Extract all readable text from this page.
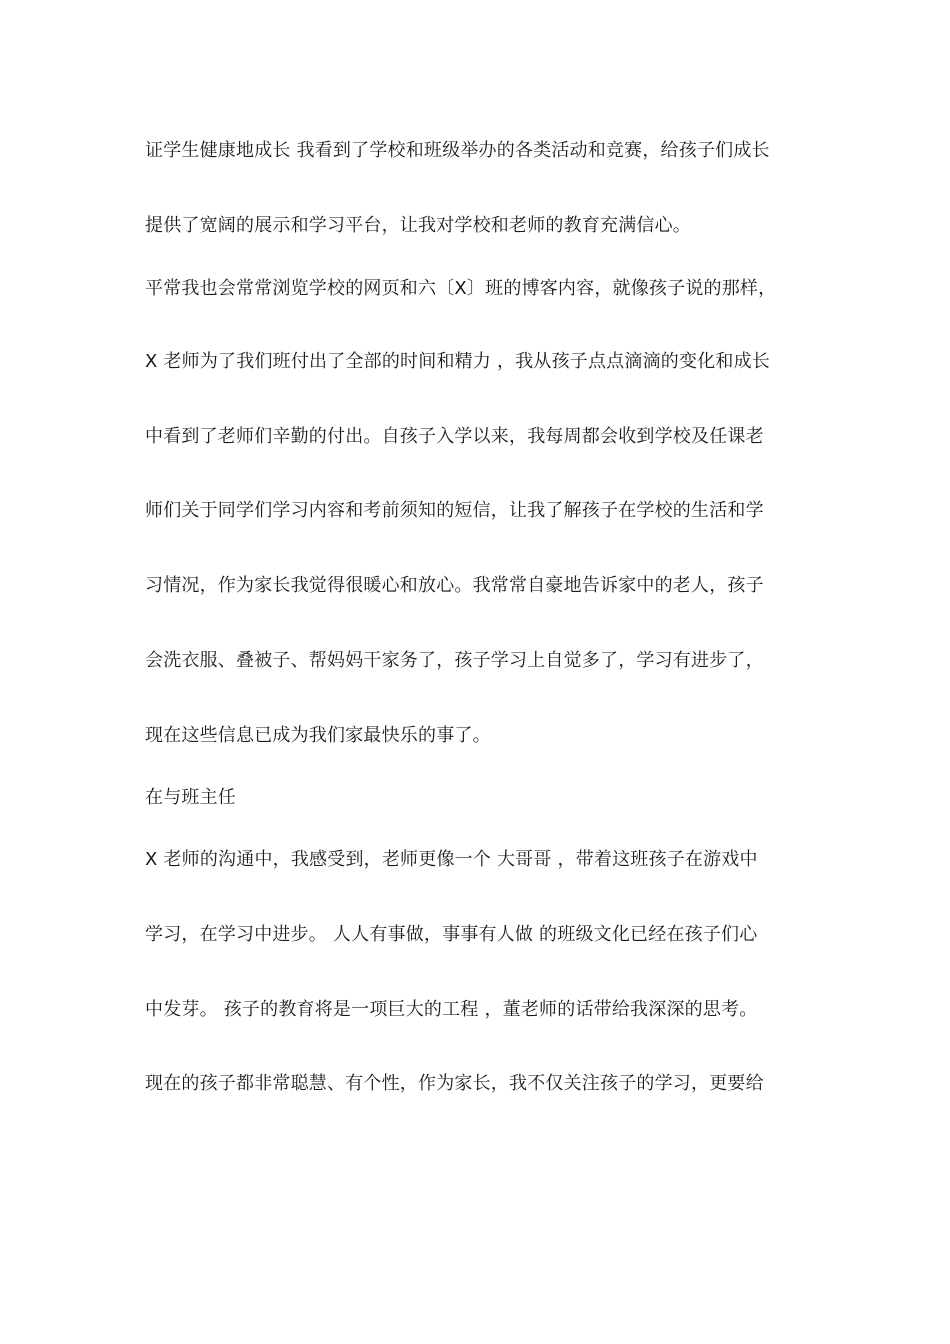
证学生健康地成长 我看到了学校和班级举办的各类活动和竞赛，给孩子们成长
提供了宽阔的展示和学习平台，让我对学校和老师的教育充满信心。
平常我也会常常浏览学校的网页和六〔X〕班的博客内容，就像孩子说的那样，
X 老师为了我们班付出了全部的时间和精力 ，我从孩子点点滴滴的变化和成长
中看到了老师们辛勤的付出。自孩子入学以来，我每周都会收到学校及任课老
师们关于同学们学习内容和考前须知的短信，让我了解孩子在学校的生活和学
习情况，作为家长我觉得很暖心和放心。我常常自豪地告诉家中的老人，孩子
会洗衣服、叠被子、帮妈妈干家务了，孩子学习上自觉多了，学习有进步了，
现在这些信息已成为我们家最快乐的事了。
在与班主任
X 老师的沟通中，我感受到，老师更像一个 大哥哥 ，带着这班孩子在游戏中
学习，在学习中进步。 人人有事做，事事有人做 的班级文化已经在孩子们心
中发芽。 孩子的教育将是一项巨大的工程 ，董老师的话带给我深深的思考。
现在的孩子都非常聪慧、有个性，作为家长，我不仅关注孩子的学习，更要给
